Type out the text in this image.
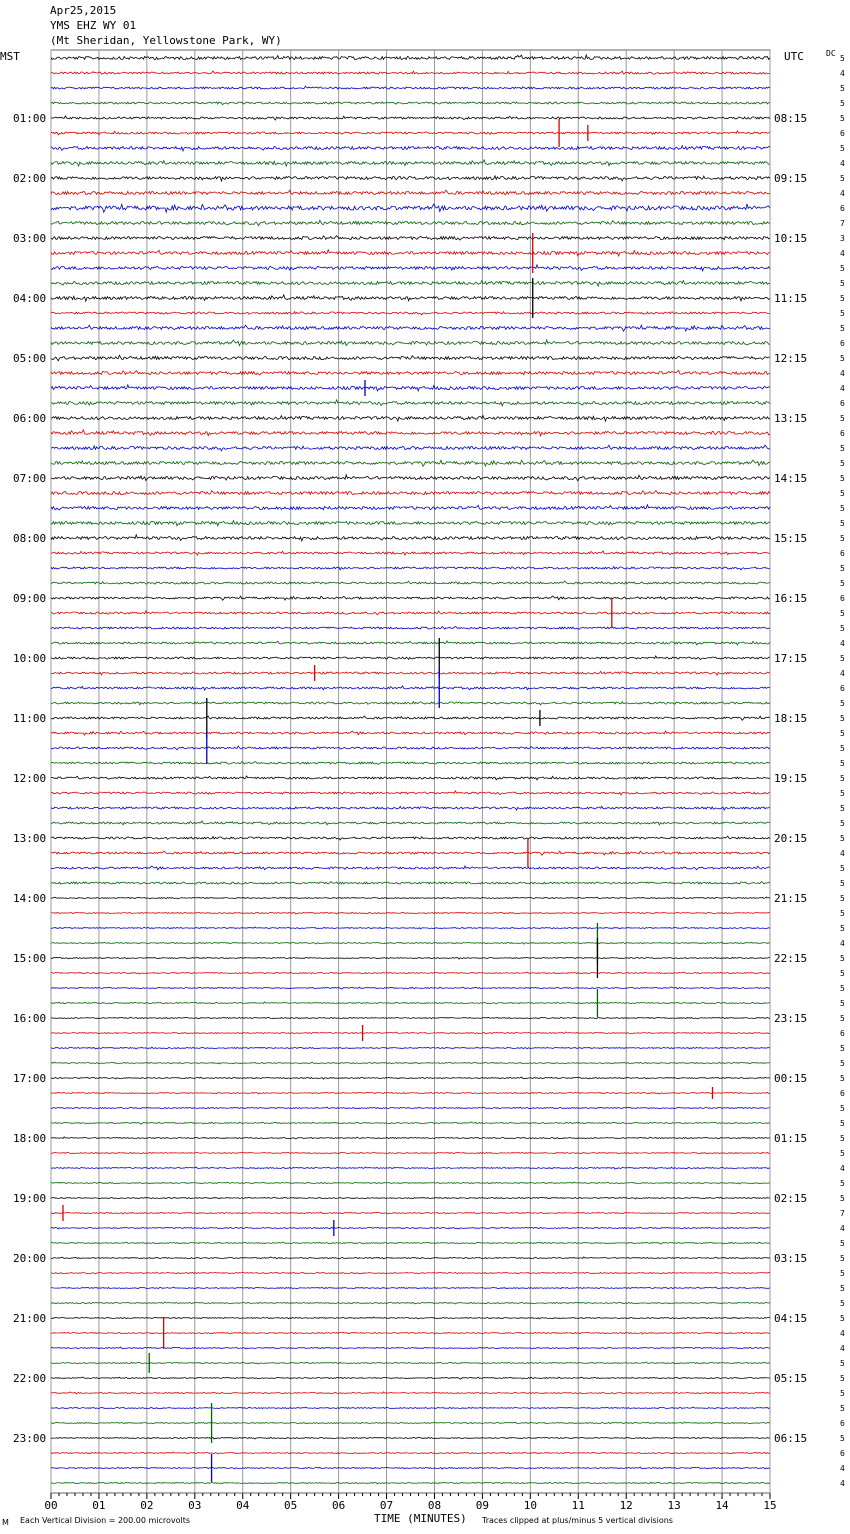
Apr25,2015
YMS EHZ WY 01
(Mt Sheridan, Yellowstone Park, WY)
01:00
02:00
03:00
04:00
05:00
06:00
07:00
08:00
09:00
10:00
11:00
12:00
13:00
14:00
15:00
16:00
17:00
18:00
19:00
20:00
21:00
22:00
23:00
08:15
09:15
10:15
11:15
12:15
13:15
14:15
15:15
16:15
17:15
18:15
19:15
20:15
21:15
22:15
23:15
00:15
01:15
02:15
03:15
04:15
05:15
06:15
5
4
5
5
5
6
5
4
5
4
6
7
3
4
5
5
5
5
5
6
5
4
4
6
5
6
5
5
5
5
5
5
5
6
5
5
6
5
5
4
5
4
6
5
5
5
5
5
5
5
5
5
5
4
5
5
5
5
5
4
5
5
5
5
5
6
5
5
5
6
5
5
5
5
4
5
5
7
4
5
5
5
5
5
5
4
4
5
5
5
5
6
5
6
4
4
00	01	02	03	04	05	06	07	08	09	10	11	12	13	14	15
MST	UTC	DC
TIME (MINUTES)
M Each Vertical Division = 200.00 microvolts	Traces clipped at plus/minus 5 vertical divisions
